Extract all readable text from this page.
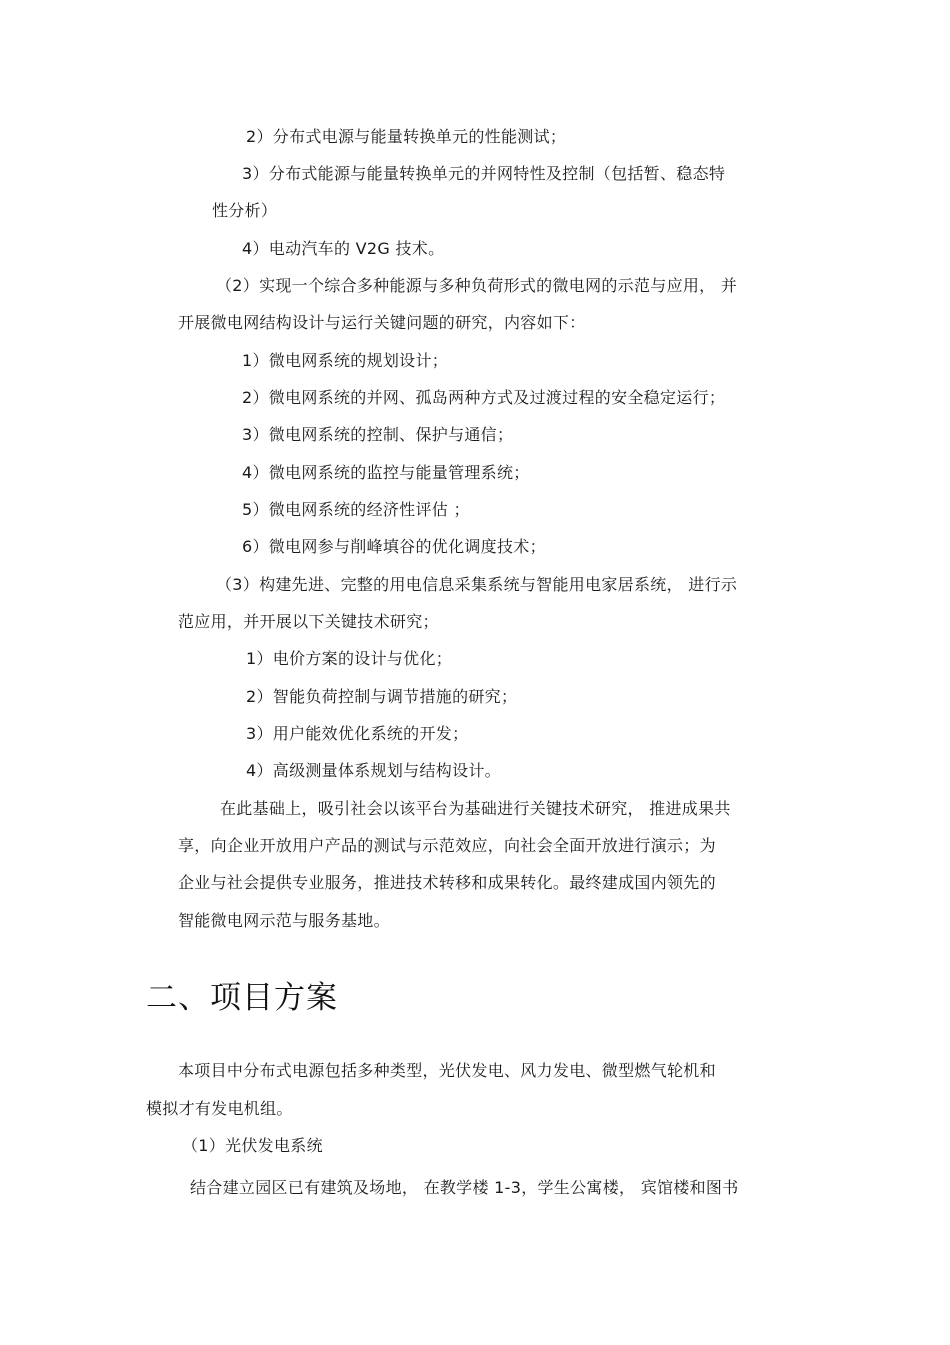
2）分布式电源与能量转换单元的性能测试；
3）分布式能源与能量转换单元的并网特性及控制（包括暂、稳态特
性分析）
4）电动汽车的 V2G 技术。
（2）实现一个综合多种能源与多种负荷形式的微电网的示范与应用， 并
开展微电网结构设计与运行关键问题的研究，内容如下：
1）微电网系统的规划设计；
2）微电网系统的并网、孤岛两种方式及过渡过程的安全稳定运行；
3）微电网系统的控制、保护与通信；
4）微电网系统的监控与能量管理系统；
5）微电网系统的经济性评估 ；
6）微电网参与削峰填谷的优化调度技术；
（3）构建先进、完整的用电信息采集系统与智能用电家居系统， 进行示
范应用，并开展以下关键技术研究；
1）电价方案的设计与优化；
2）智能负荷控制与调节措施的研究；
3）用户能效优化系统的开发；
4）高级测量体系规划与结构设计。
在此基础上，吸引社会以该平台为基础进行关键技术研究， 推进成果共
享，向企业开放用户产品的测试与示范效应，向社会全面开放进行演示；为
企业与社会提供专业服务，推进技术转移和成果转化。最终建成国内领先的
智能微电网示范与服务基地。
二、项目方案
本项目中分布式电源包括多种类型，光伏发电、风力发电、微型燃气轮机和
模拟才有发电机组。
（1）光伏发电系统
结合建立园区已有建筑及场地， 在教学楼 1-3，学生公寓楼， 宾馆楼和图书
